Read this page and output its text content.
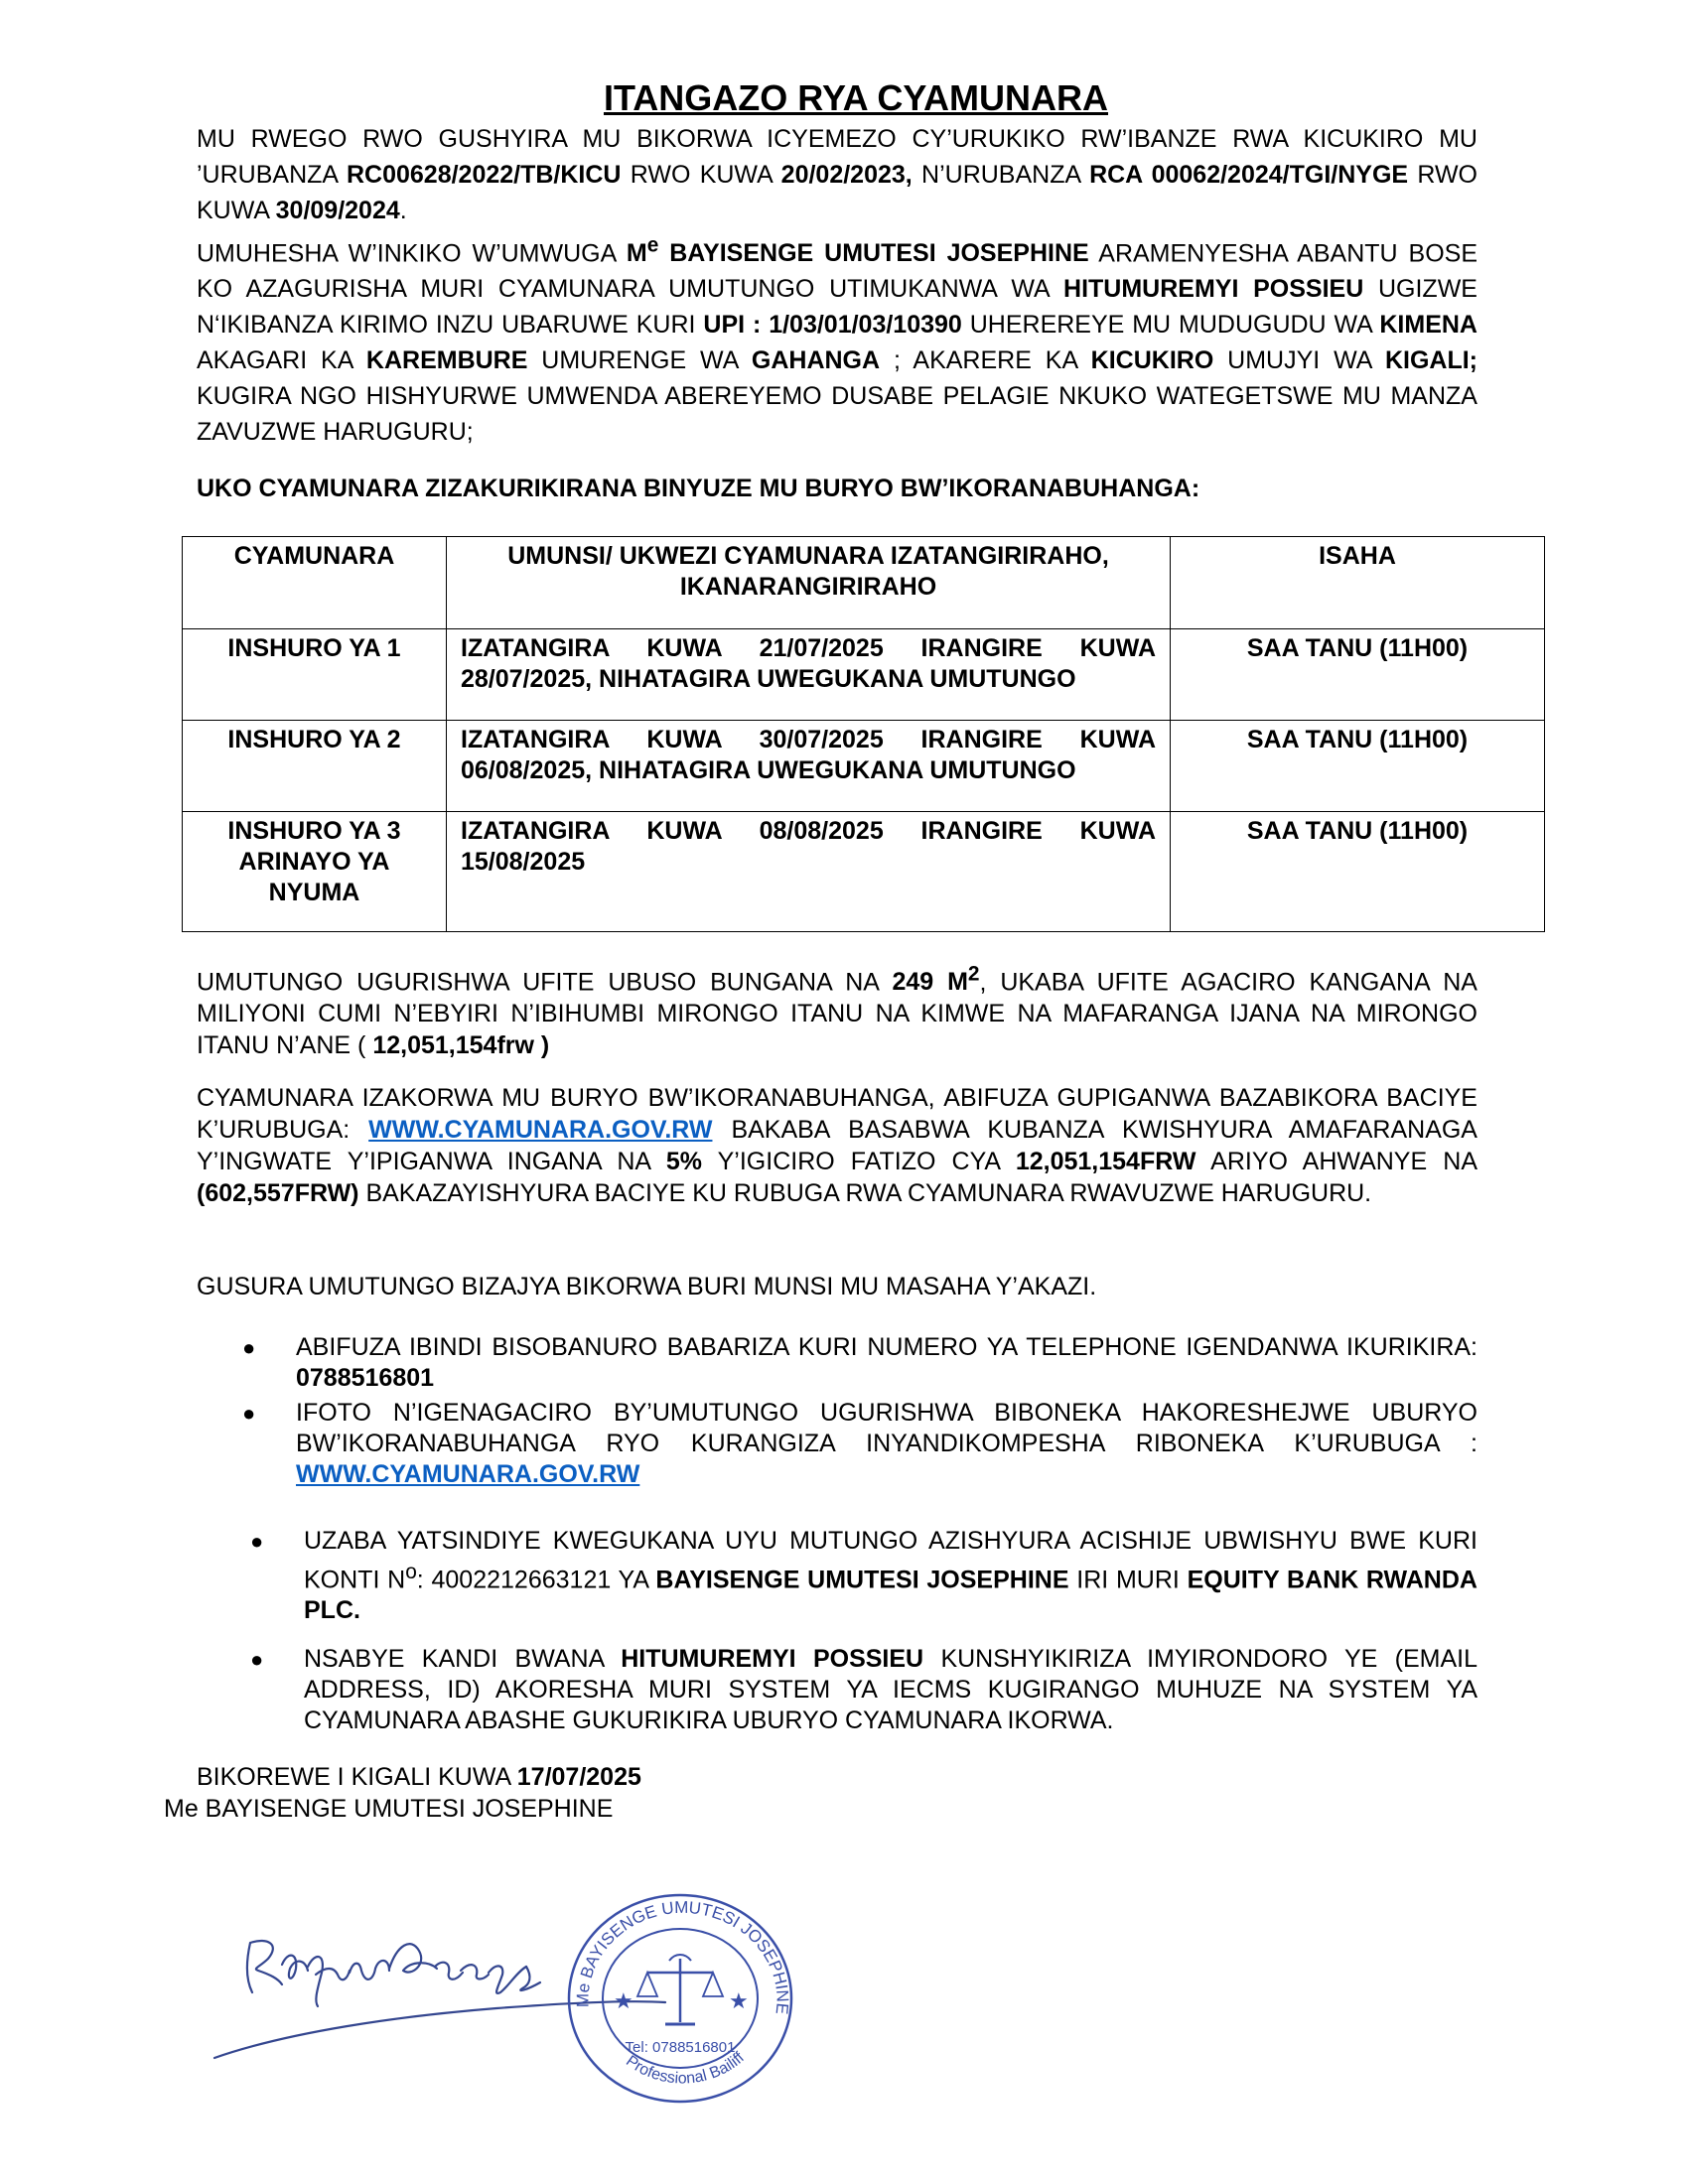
ITANGAZO RYA CYAMUNARA
MU RWEGO RWO GUSHYIRA MU BIKORWA ICYEMEZO CY’URUKIKO RW’IBANZE RWA KICUKIRO MU ’URUBANZA RC00628/2022/TB/KICU RWO KUWA 20/02/2023, N’URUBANZA RCA 00062/2024/TGI/NYGE RWO KUWA 30/09/2024.
UMUHESHA W’INKIKO W’UMWUGA Me BAYISENGE UMUTESI JOSEPHINE ARAMENYESHA ABANTU BOSE KO AZAGURISHA MURI CYAMUNARA UMUTUNGO UTIMUKANWA WA HITUMUREMYI POSSIEU UGIZWE N‘IKIBANZA KIRIMO INZU UBARUWE KURI UPI : 1/03/01/03/10390 UHEREREYE MU MUDUGUDU WA KIMENA AKAGARI KA KAREMBURE UMURENGE WA GAHANGA ; AKARERE KA KICUKIRO UMUJYI WA KIGALI; KUGIRA NGO HISHYURWE UMWENDA ABEREYEMO DUSABE PELAGIE NKUKO WATEGETSWE MU MANZA ZAVUZWE HARUGURU;
UKO CYAMUNARA ZIZAKURIKIRANA BINYUZE MU BURYO BW’IKORANABUHANGA:
CYAMUNARA	UMUNSI/ UKWEZI CYAMUNARA IZATANGIRIRAHO, IKANARANGIRIRAHO	ISAHA
INSHURO YA 1	IZATANGIRA KUWA 21/07/2025 IRANGIRE KUWA 28/07/2025, NIHATAGIRA UWEGUKANA UMUTUNGO	SAA TANU (11H00)
INSHURO YA 2	IZATANGIRA KUWA 30/07/2025 IRANGIRE KUWA 06/08/2025, NIHATAGIRA UWEGUKANA UMUTUNGO	SAA TANU (11H00)
INSHURO YA 3 ARINAYO YA NYUMA	IZATANGIRA KUWA 08/08/2025 IRANGIRE KUWA 15/08/2025	SAA TANU (11H00)
UMUTUNGO UGURISHWA UFITE UBUSO BUNGANA NA 249 $M^2$, UKABA UFITE AGACIRO KANGANA NA MILIYONI CUMI N’EBYIRI N’IBIHUMBI MIRONGO ITANU NA KIMWE NA MAFARANGA IJANA NA MIRONGO ITANU N’ANE ( 12,051,154frw )
CYAMUNARA IZAKORWA MU BURYO BW’IKORANABUHANGA, ABIFUZA GUPIGANWA BAZABIKORA BACIYE K’URUBUGA: WWW.CYAMUNARA.GOV.RW BAKABA BASABWA KUBANZA KWISHYURA AMAFARANAGA Y’INGWATE Y’IPIGANWA INGANA NA 5% Y’IGICIRO FATIZO CYA 12,051,154FRW ARIYO AHWANYE NA (602,557FRW) BAKAZAYISHYURA BACIYE KU RUBUGA RWA CYAMUNARA RWAVUZWE HARUGURU.
GUSURA UMUTUNGO BIZAJYA BIKORWA BURI MUNSI MU MASAHA Y’AKAZI.
● ABIFUZA IBINDI BISOBANURO BABARIZA KURI NUMERO YA TELEPHONE IGENDANWA IKURIKIRA: 0788516801
● IFOTO N’IGENAGACIRO BY’UMUTUNGO UGURISHWA BIBONEKA HAKORESHEJWE UBURYO BW’IKORANABUHANGA RYO KURANGIZA INYANDIKOMPESHA RIBONEKA K’URUBUGA : WWW.CYAMUNARA.GOV.RW
● UZABA YATSINDIYE KWEGUKANA UYU MUTUNGO AZISHYURA ACISHIJE UBWISHYU BWE KURI KONTI $N^o$: 4002212663121 YA BAYISENGE UMUTESI JOSEPHINE IRI MURI EQUITY BANK RWANDA PLC.
● NSABYE KANDI BWANA HITUMUREMYI POSSIEU KUNSHYIKIRIZA IMYIRONDORO YE (EMAIL ADDRESS, ID) AKORESHA MURI SYSTEM YA IECMS KUGIRANGO MUHUZE NA SYSTEM YA CYAMUNARA ABASHE GUKURIKIRA UBURYO CYAMUNARA IKORWA.
BIKOREWE I KIGALI KUWA 17/07/2025
Me BAYISENGE UMUTESI JOSEPHINE
★	★
Me BAYISENGE UMUTESI JOSEPHINE
Professional Bailiff
Tel: 0788516801
